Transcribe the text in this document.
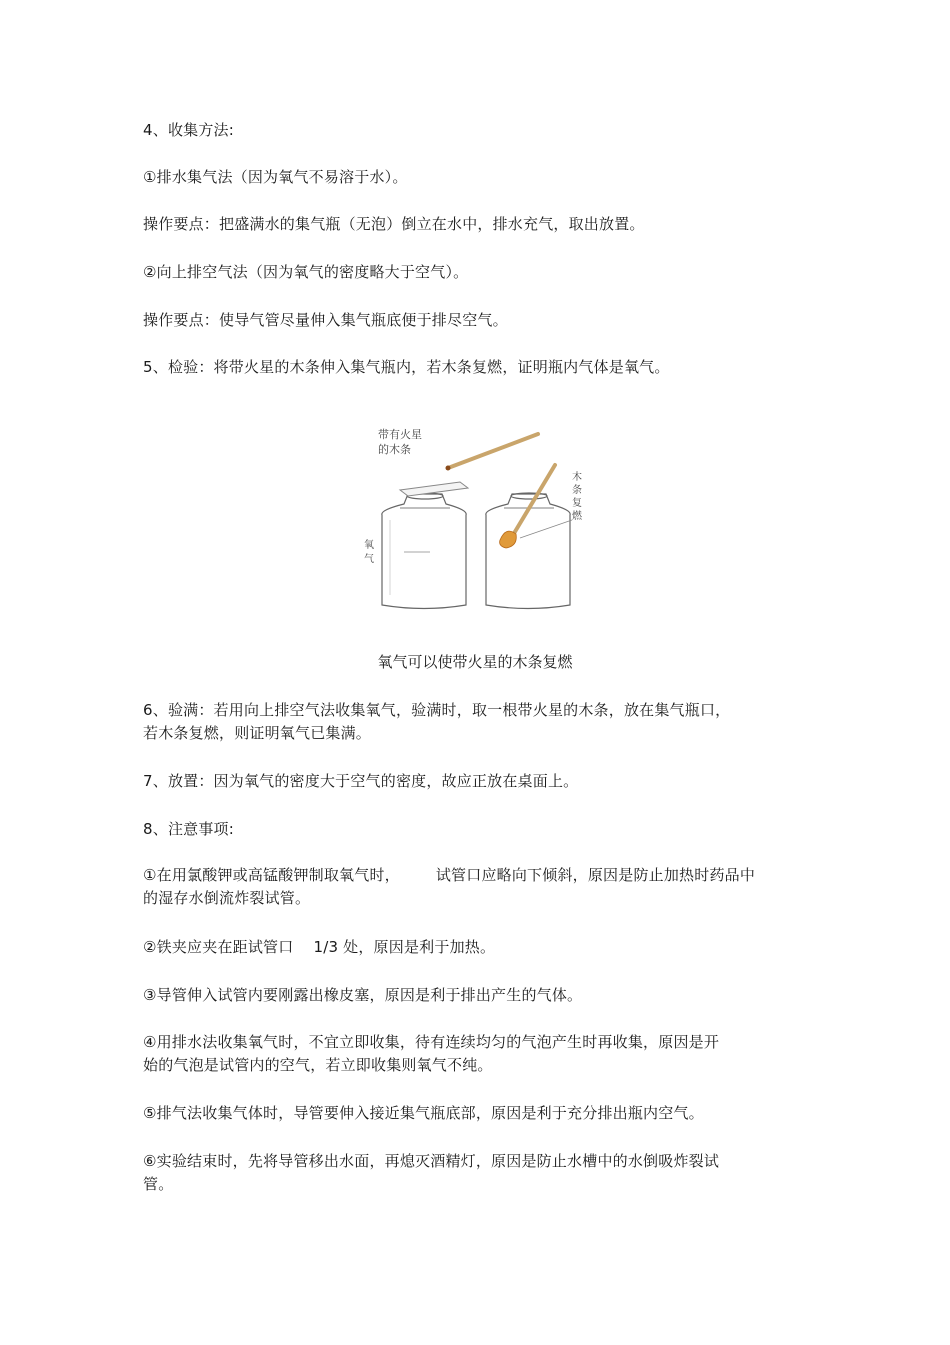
4、收集方法:
①排水集气法（因为氧气不易溶于水）。
操作要点：把盛满水的集气瓶（无泡）倒立在水中，排水充气，取出放置。
②向上排空气法（因为氧气的密度略大于空气）。
操作要点：使导气管尽量伸入集气瓶底便于排尽空气。
5、检验：将带火星的木条伸入集气瓶内，若木条复燃，证明瓶内气体是氧气。
带有火星
的木条
氧
气
木
条
复
燃
氧气可以使带火星的木条复燃
6、验满：若用向上排空气法收集氧气，验满时，取一根带火星的木条，放在集气瓶口，
若木条复燃，则证明氧气已集满。
7、放置：因为氧气的密度大于空气的密度，故应正放在桌面上。
8、注意事项:
①在用氯酸钾或高锰酸钾制取氧气时， 试管口应略向下倾斜，原因是防止加热时药品中
的湿存水倒流炸裂试管。
②铁夹应夹在距试管口 1/3 处，原因是利于加热。
③导管伸入试管内要刚露出橡皮塞，原因是利于排出产生的气体。
④用排水法收集氧气时，不宜立即收集，待有连续均匀的气泡产生时再收集，原因是开
始的气泡是试管内的空气，若立即收集则氧气不纯。
⑤排气法收集气体时，导管要伸入接近集气瓶底部，原因是利于充分排出瓶内空气。
⑥实验结束时，先将导管移出水面，再熄灭酒精灯，原因是防止水槽中的水倒吸炸裂试
管。
